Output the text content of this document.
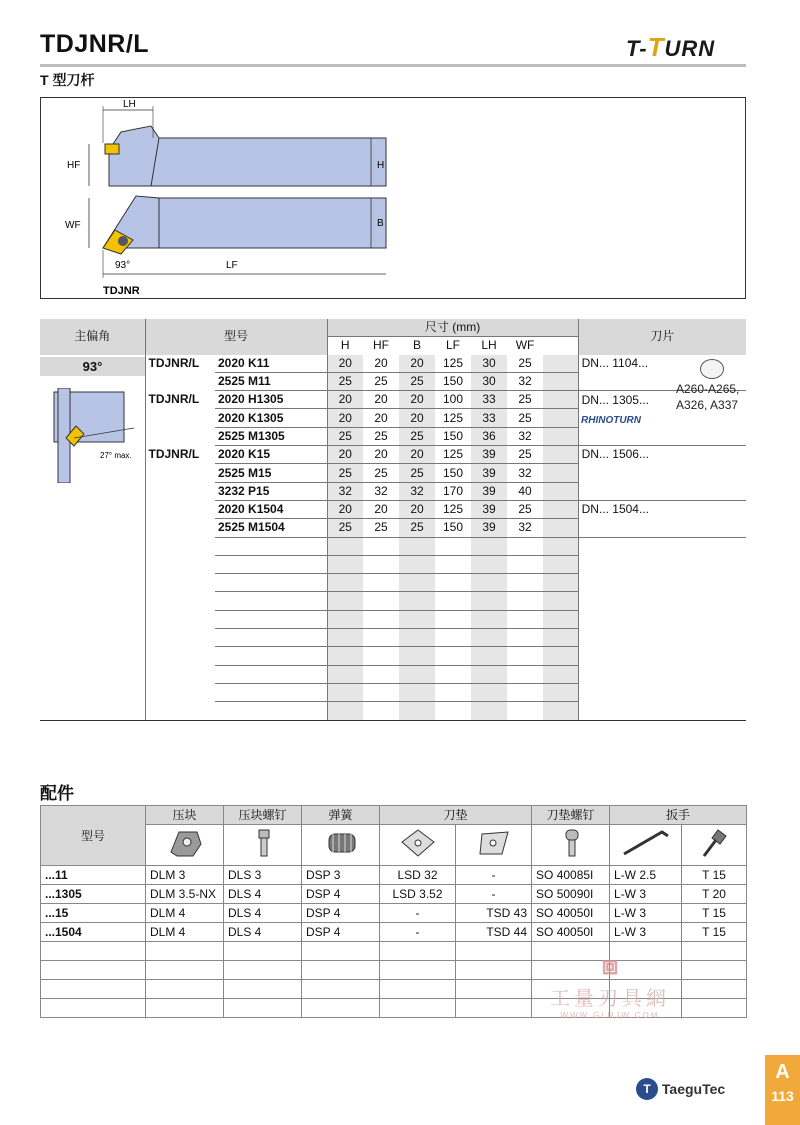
TDJNR/L	T-TURN
T 型刀杆
LH
HF	H
WF	B
93°	LF
TDJNR
主偏角	型号		尺寸 (mm)							刀片
			H	HF	B	LF	LH	WF		
	TDJNR/L	2020 K11	20	20	20	125	30	25		DN... 1104...
		2525 M11	25	25	25	150	30	32		
	TDJNR/L	2020 H1305	20	20	20	100	33	25		DN... 1305...
		2020 K1305	20	20	20	125	33	25		
		2525 M1305	25	25	25	150	36	32		
	TDJNR/L	2020 K15	20	20	20	125	39	25		DN... 1506...
		2525 M15	25	25	25	150	39	32		
		3232 P15	32	32	32	170	39	40		
		2020 K1504	20	20	20	125	39	25		DN... 1504...
		2525 M1504	25	25	25	150	39	32		

93°
27° max.
A260-A265,
A326, A337
RHINOTURN
配件
型号	压块	压块螺钉	弹簧	刀垫		刀垫螺钉	扳手	

...11	DLM 3	DLS 3	DSP 3	LSD 32	-	SO 40085I	L-W 2.5	T 15
...1305	DLM 3.5-NX	DLS 4	DSP 4	LSD 3.52	-	SO 50090I	L-W 3	T 20
...15	DLM 4	DLS 4	DSP 4	-	TSD 43	SO 40050I	L-W 3	T 15
...1504	DLM 4	DLS 4	DSP 4	-	TSD 44	SO 40050I	L-W 3	T 15

⧈
工量刃具網
WWW.GLRJW.COM
T TaeguTec
A
113
